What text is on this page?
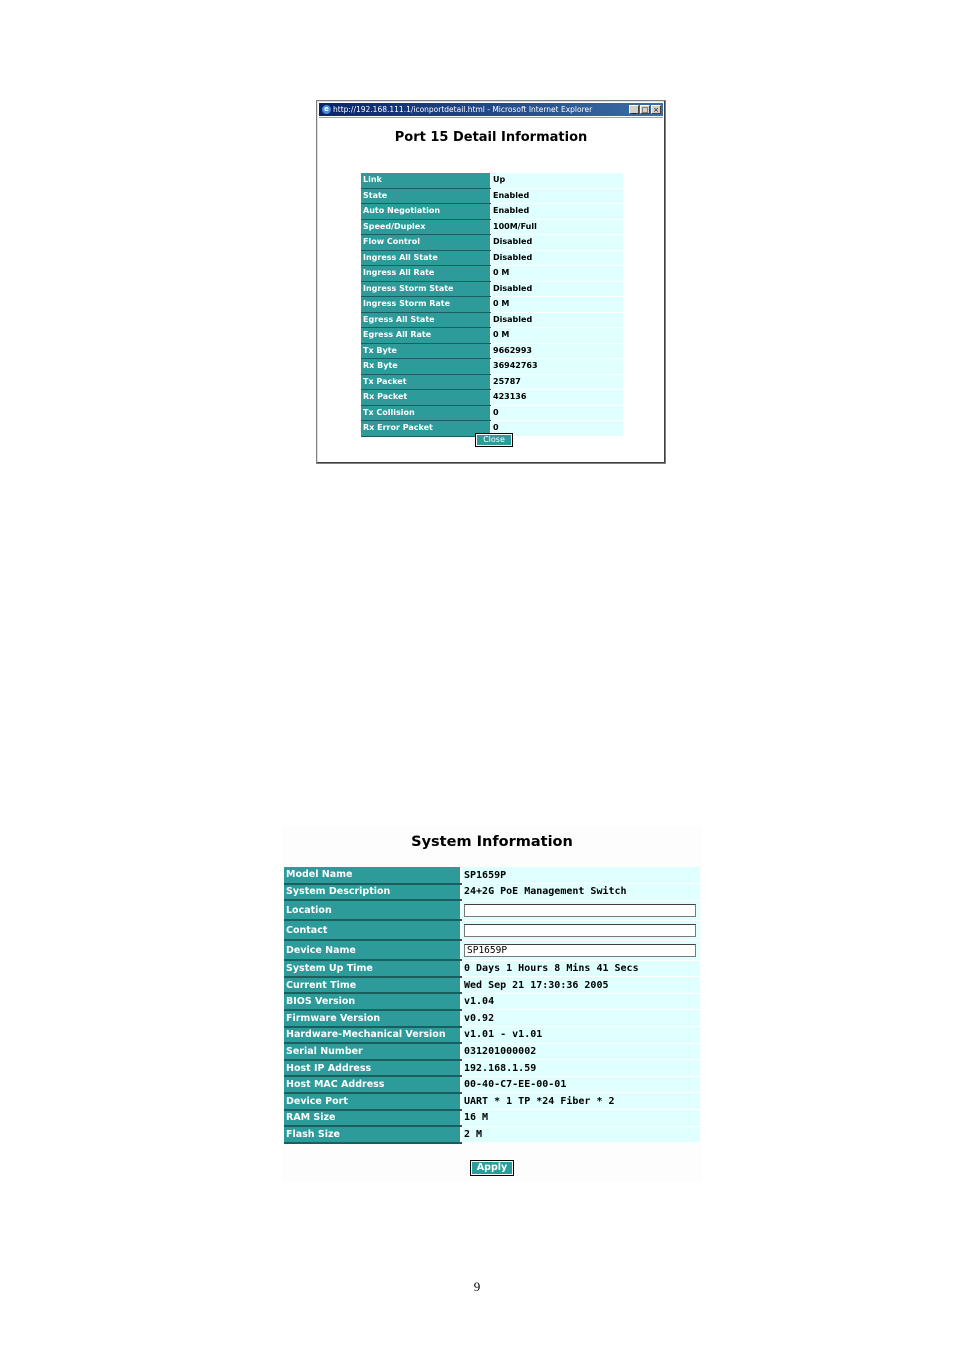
e http://192.168.111.1/iconportdetail.html - Microsoft Internet Explorer	_ □ ×
Port 15 Detail Information
Link	Up
State	Enabled
Auto Negotiation	Enabled
Speed/Duplex	100M/Full
Flow Control	Disabled
Ingress All State	Disabled
Ingress All Rate	0 M
Ingress Storm State	Disabled
Ingress Storm Rate	0 M
Egress All State	Disabled
Egress All Rate	0 M
Tx Byte	9662993
Rx Byte	36942763
Tx Packet	25787
Rx Packet	423136
Tx Collision	0
Rx Error Packet	0
Close
System Information
Model Name	SP1659P
System Description	24+2G PoE Management Switch
Location	
Contact	
Device Name	SP1659P
System Up Time	0 Days 1 Hours 8 Mins 41 Secs
Current Time	Wed Sep 21 17:30:36 2005
BIOS Version	v1.04
Firmware Version	v0.92
Hardware-Mechanical Version	v1.01 - v1.01
Serial Number	031201000002
Host IP Address	192.168.1.59
Host MAC Address	00-40-C7-EE-00-01
Device Port	UART * 1 TP *24 Fiber * 2
RAM Size	16 M
Flash Size	2 M
Apply
9
